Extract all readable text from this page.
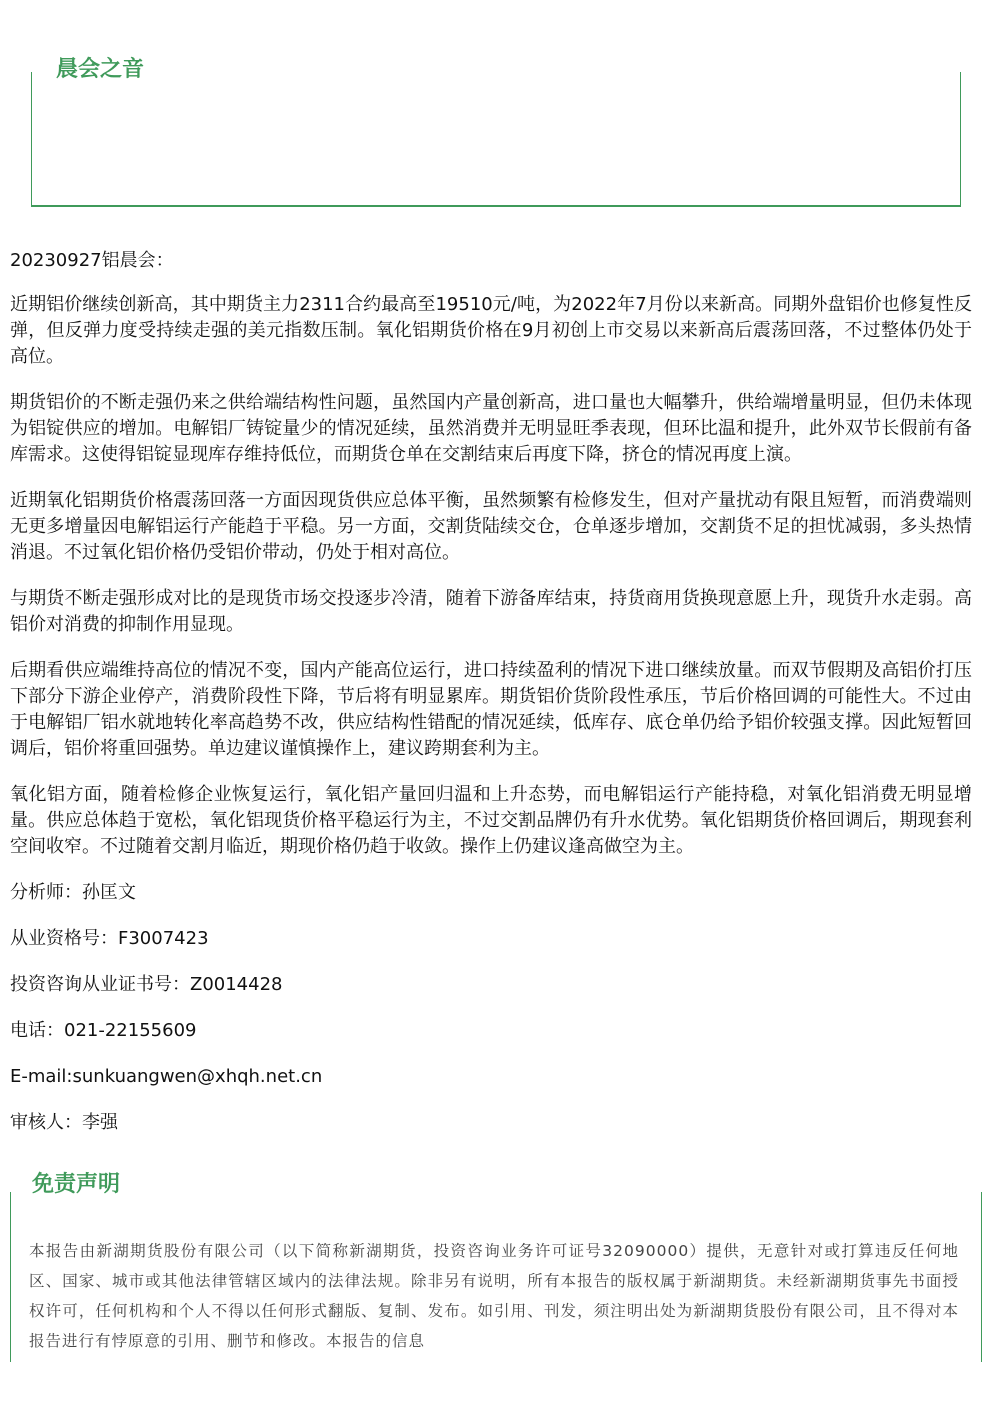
晨会之音
20230927铝晨会：

近期铝价继续创新高，其中期货主力2311合约最高至19510元/吨，为2022年7月份以来新高。同期外盘铝价也修复性反弹，但反弹力度受持续走强的美元指数压制。氧化铝期货价格在9月初创上市交易以来新高后震荡回落，不过整体仍处于高位。

期货铝价的不断走强仍来之供给端结构性问题，虽然国内产量创新高，进口量也大幅攀升，供给端增量明显，但仍未体现为铝锭供应的增加。电解铝厂铸锭量少的情况延续，虽然消费并无明显旺季表现，但环比温和提升，此外双节长假前有备库需求。这使得铝锭显现库存维持低位，而期货仓单在交割结束后再度下降，挤仓的情况再度上演。

近期氧化铝期货价格震荡回落一方面因现货供应总体平衡，虽然频繁有检修发生，但对产量扰动有限且短暂，而消费端则无更多增量因电解铝运行产能趋于平稳。另一方面，交割货陆续交仓，仓单逐步增加，交割货不足的担忧减弱，多头热情消退。不过氧化铝价格仍受铝价带动，仍处于相对高位。

与期货不断走强形成对比的是现货市场交投逐步冷清，随着下游备库结束，持货商用货换现意愿上升，现货升水走弱。高铝价对消费的抑制作用显现。

后期看供应端维持高位的情况不变，国内产能高位运行，进口持续盈利的情况下进口继续放量。而双节假期及高铝价打压下部分下游企业停产，消费阶段性下降，节后将有明显累库。期货铝价货阶段性承压，节后价格回调的可能性大。不过由于电解铝厂铝水就地转化率高趋势不改，供应结构性错配的情况延续，低库存、底仓单仍给予铝价较强支撑。因此短暂回调后，铝价将重回强势。单边建议谨慎操作上，建议跨期套利为主。

氧化铝方面，随着检修企业恢复运行，氧化铝产量回归温和上升态势，而电解铝运行产能持稳，对氧化铝消费无明显增量。供应总体趋于宽松，氧化铝现货价格平稳运行为主，不过交割品牌仍有升水优势。氧化铝期货价格回调后，期现套利空间收窄。不过随着交割月临近，期现价格仍趋于收敛。操作上仍建议逢高做空为主。

分析师：孙匡文
从业资格号：F3007423
投资咨询从业证书号：Z0014428
电话：021-22155609
E-mail:sunkuangwen@xhqh.net.cn
审核人：李强
免责声明
本报告由新湖期货股份有限公司（以下简称新湖期货，投资咨询业务许可证号32090000）提供，无意针对或打算违反任何地区、国家、城市或其他法律管辖区域内的法律法规。除非另有说明，所有本报告的版权属于新湖期货。未经新湖期货事先书面授权许可，任何机构和个人不得以任何形式翻版、复制、发布。如引用、刊发，须注明出处为新湖期货股份有限公司，且不得对本报告进行有悖原意的引用、删节和修改。本报告的信息
